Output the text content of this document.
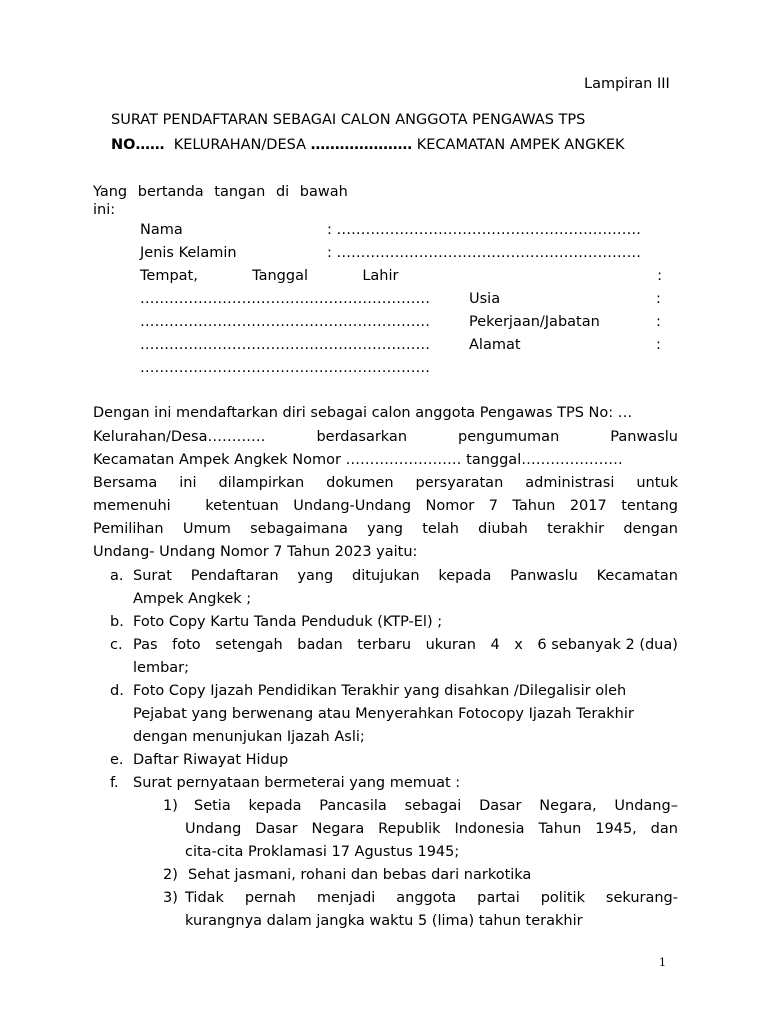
Lampiran III
SURAT PENDAFTARAN SEBAGAI CALON ANGGOTA PENGAWAS TPS
NO…… KELURAHAN/DESA ………………… KECAMATAN AMPEK ANGKEK
Yang bertanda tangan di bawah
ini:
Nama	: ………………………………………………………
Jenis Kelamin	: ………………………………………………………
Tempat,	Tanggal	Lahir	:
……………………………………………………	Usia	:
……………………………………………………	Pekerjaan/Jabatan	:
……………………………………………………	Alamat	:
……………………………………………………
Dengan ini mendaftarkan diri sebagai calon anggota Pengawas TPS No: …
Kelurahan/Desa…………	berdasarkan	pengumuman	Panwaslu
Kecamatan Ampek Angkek Nomor …………………… tanggal…………………
Bersama ini dilampirkan dokumen persyaratan administrasi untuk
memenuhi ketentuan Undang-Undang Nomor 7 Tahun 2017 tentang
Pemilihan Umum sebagaimana yang telah diubah terakhir dengan
Undang- Undang Nomor 7 Tahun 2023 yaitu:
a. Surat Pendaftaran yang ditujukan kepada Panwaslu Kecamatan
Ampek Angkek ;
b. Foto Copy Kartu Tanda Penduduk (KTP-El) ;
c. Pas foto setengah badan terbaru ukuran 4 x 6 sebanyak 2 (dua)
lembar;
d. Foto Copy Ijazah Pendidikan Terakhir yang disahkan /Dilegalisir oleh
Pejabat yang berwenang atau Menyerahkan Fotocopy Ijazah Terakhir
dengan menunjukan Ijazah Asli;
e. Daftar Riwayat Hidup
f. Surat pernyataan bermeterai yang memuat :
1) Setia kepada Pancasila sebagai Dasar Negara, Undang–
Undang Dasar Negara Republik Indonesia Tahun 1945, dan
cita-cita Proklamasi 17 Agustus 1945;
2) Sehat jasmani, rohani dan bebas dari narkotika
3) Tidak pernah menjadi anggota partai politik sekurang-
kurangnya dalam jangka waktu 5 (lima) tahun terakhir
1
